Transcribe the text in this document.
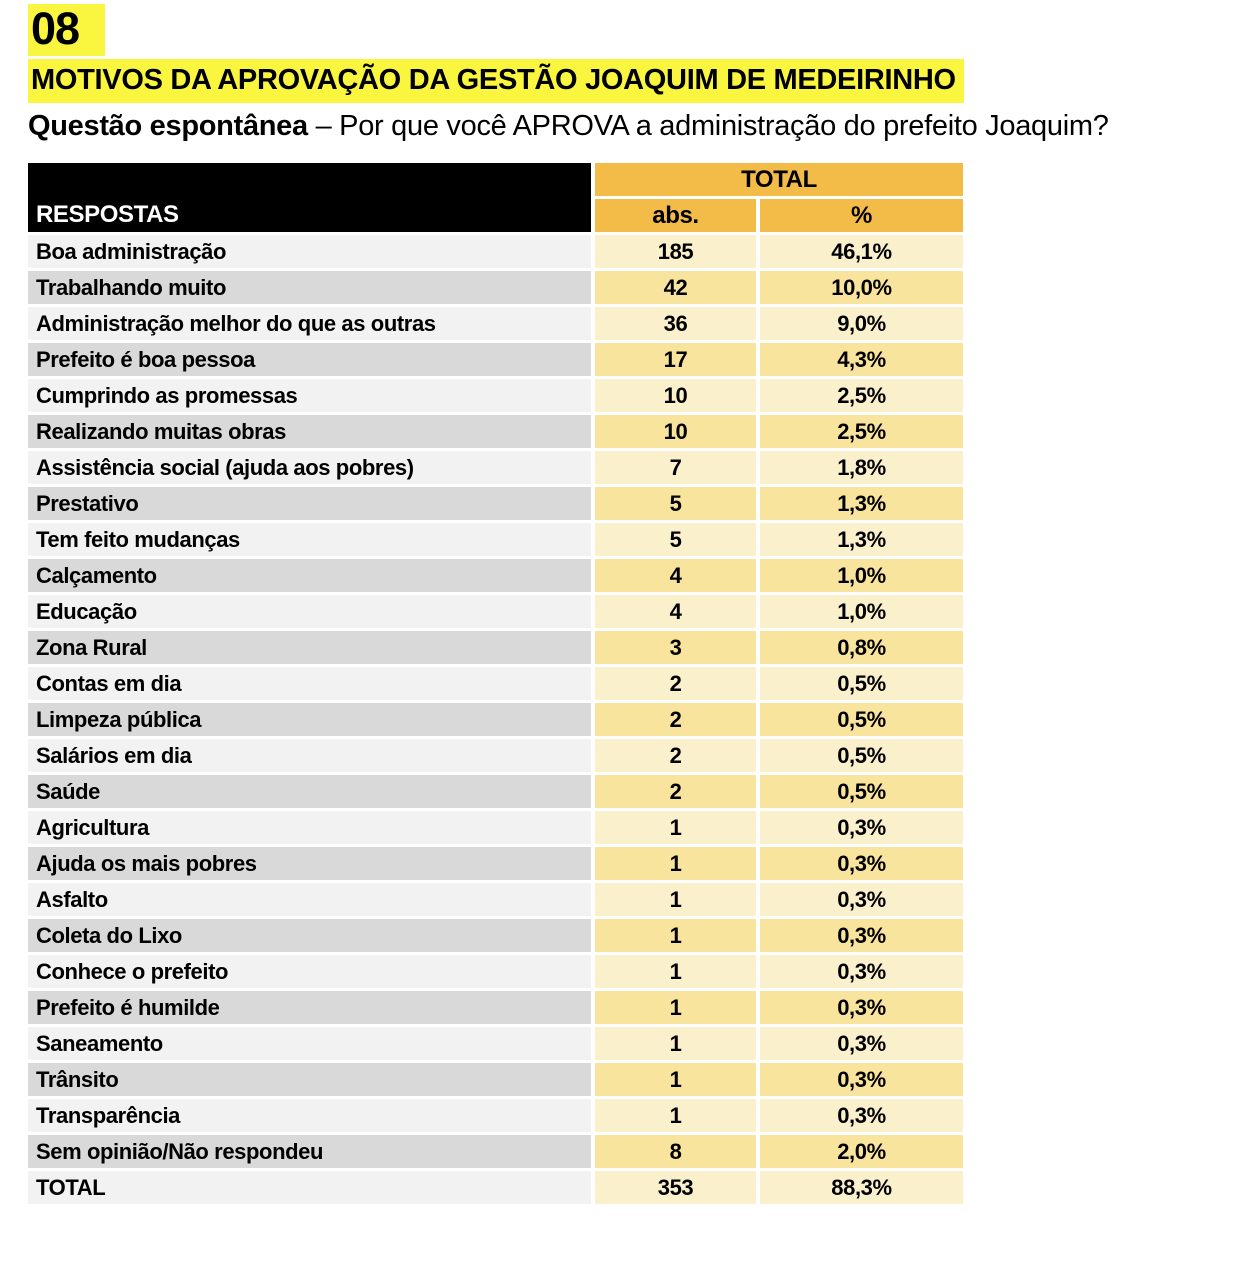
08
MOTIVOS DA APROVAÇÃO DA GESTÃO JOAQUIM DE MEDEIRINHO
Questão espontânea – Por que você APROVA a administração do prefeito Joaquim?
RESPOSTAS	TOTAL	
	abs.	%
Boa administração	185	46,1%
Trabalhando muito	42	10,0%
Administração melhor do que as outras	36	9,0%
Prefeito é boa pessoa	17	4,3%
Cumprindo as promessas	10	2,5%
Realizando muitas obras	10	2,5%
Assistência social (ajuda aos pobres)	7	1,8%
Prestativo	5	1,3%
Tem feito mudanças	5	1,3%
Calçamento	4	1,0%
Educação	4	1,0%
Zona Rural	3	0,8%
Contas em dia	2	0,5%
Limpeza pública	2	0,5%
Salários em dia	2	0,5%
Saúde	2	0,5%
Agricultura	1	0,3%
Ajuda os mais pobres	1	0,3%
Asfalto	1	0,3%
Coleta do Lixo	1	0,3%
Conhece o prefeito	1	0,3%
Prefeito é humilde	1	0,3%
Saneamento	1	0,3%
Trânsito	1	0,3%
Transparência	1	0,3%
Sem opinião/Não respondeu	8	2,0%
TOTAL	353	88,3%
